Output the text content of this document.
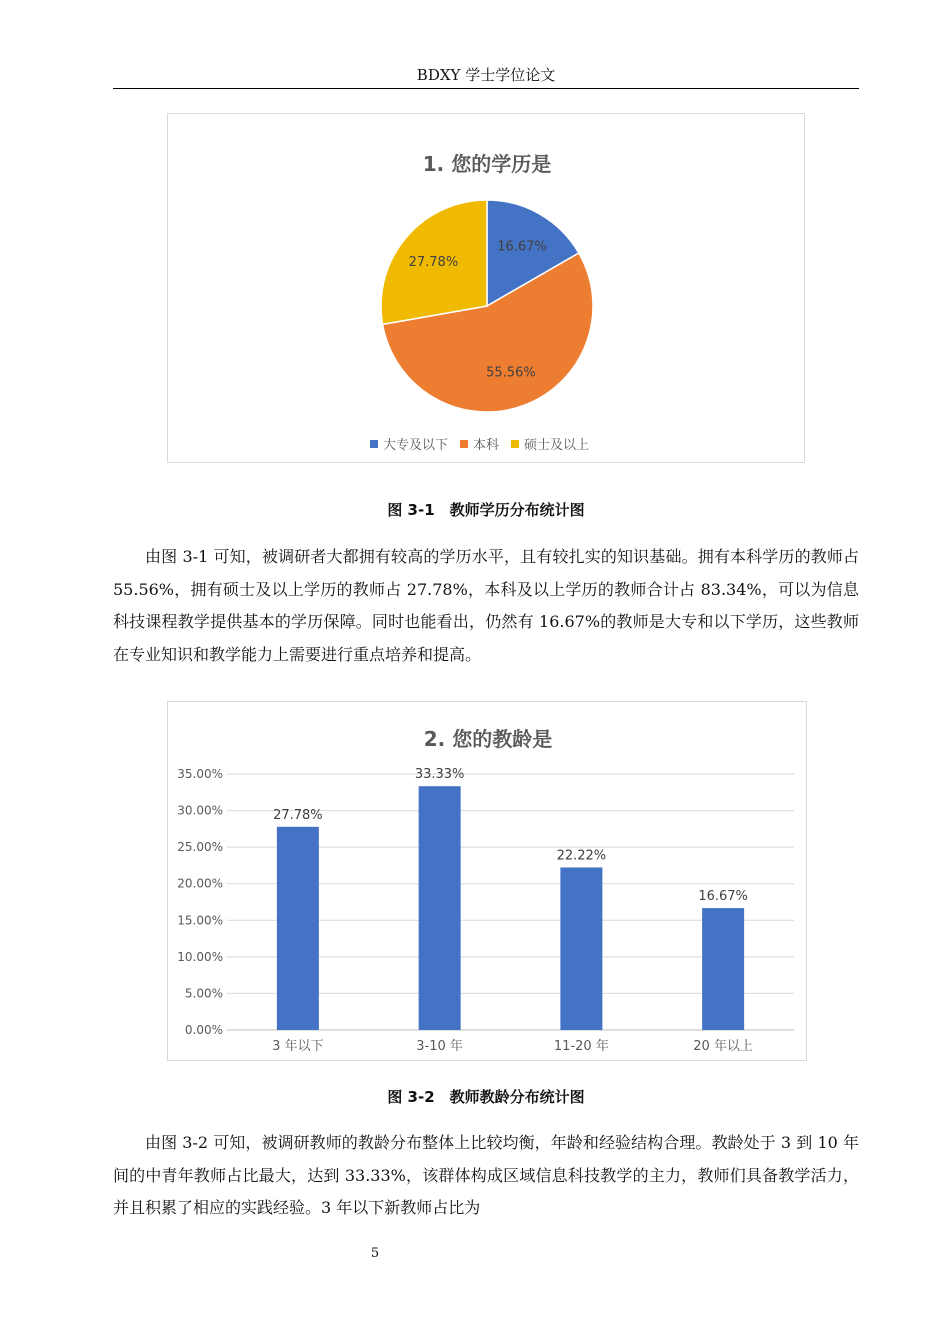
BDXY 学士学位论文
1. 您的学历是
16.67%
55.56%
27.78%
大专及以下 本科 硕士及以上
图 3-1　教师学历分布统计图

由图 3-1 可知，被调研者大都拥有较高的学历水平，且有较扎实的知识基础。拥有本科学历的教师占 55.56%，拥有硕士及以上学历的教师占 27.78%，本科及以上学历的教师合计占 83.34%，可以为信息科技课程教学提供基本的学历保障。同时也能看出，仍然有 16.67%的教师是大专和以下学历，这些教师在专业知识和教学能力上需要进行重点培养和提高。

2. 您的教龄是
0.00%
5.00%
10.00%
15.00%
20.00%
25.00%
30.00%
35.00%
27.78%
3 年以下
33.33%
3-10 年
22.22%
11-20 年
16.67%
20 年以上
图 3-2　教师教龄分布统计图

由图 3-2 可知，被调研教师的教龄分布整体上比较均衡，年龄和经验结构合理。教龄处于 3 到 10 年间的中青年教师占比最大，达到 33.33%，该群体构成区域信息科技教学的主力，教师们具备教学活力，并且积累了相应的实践经验。3 年以下新教师占比为

5
